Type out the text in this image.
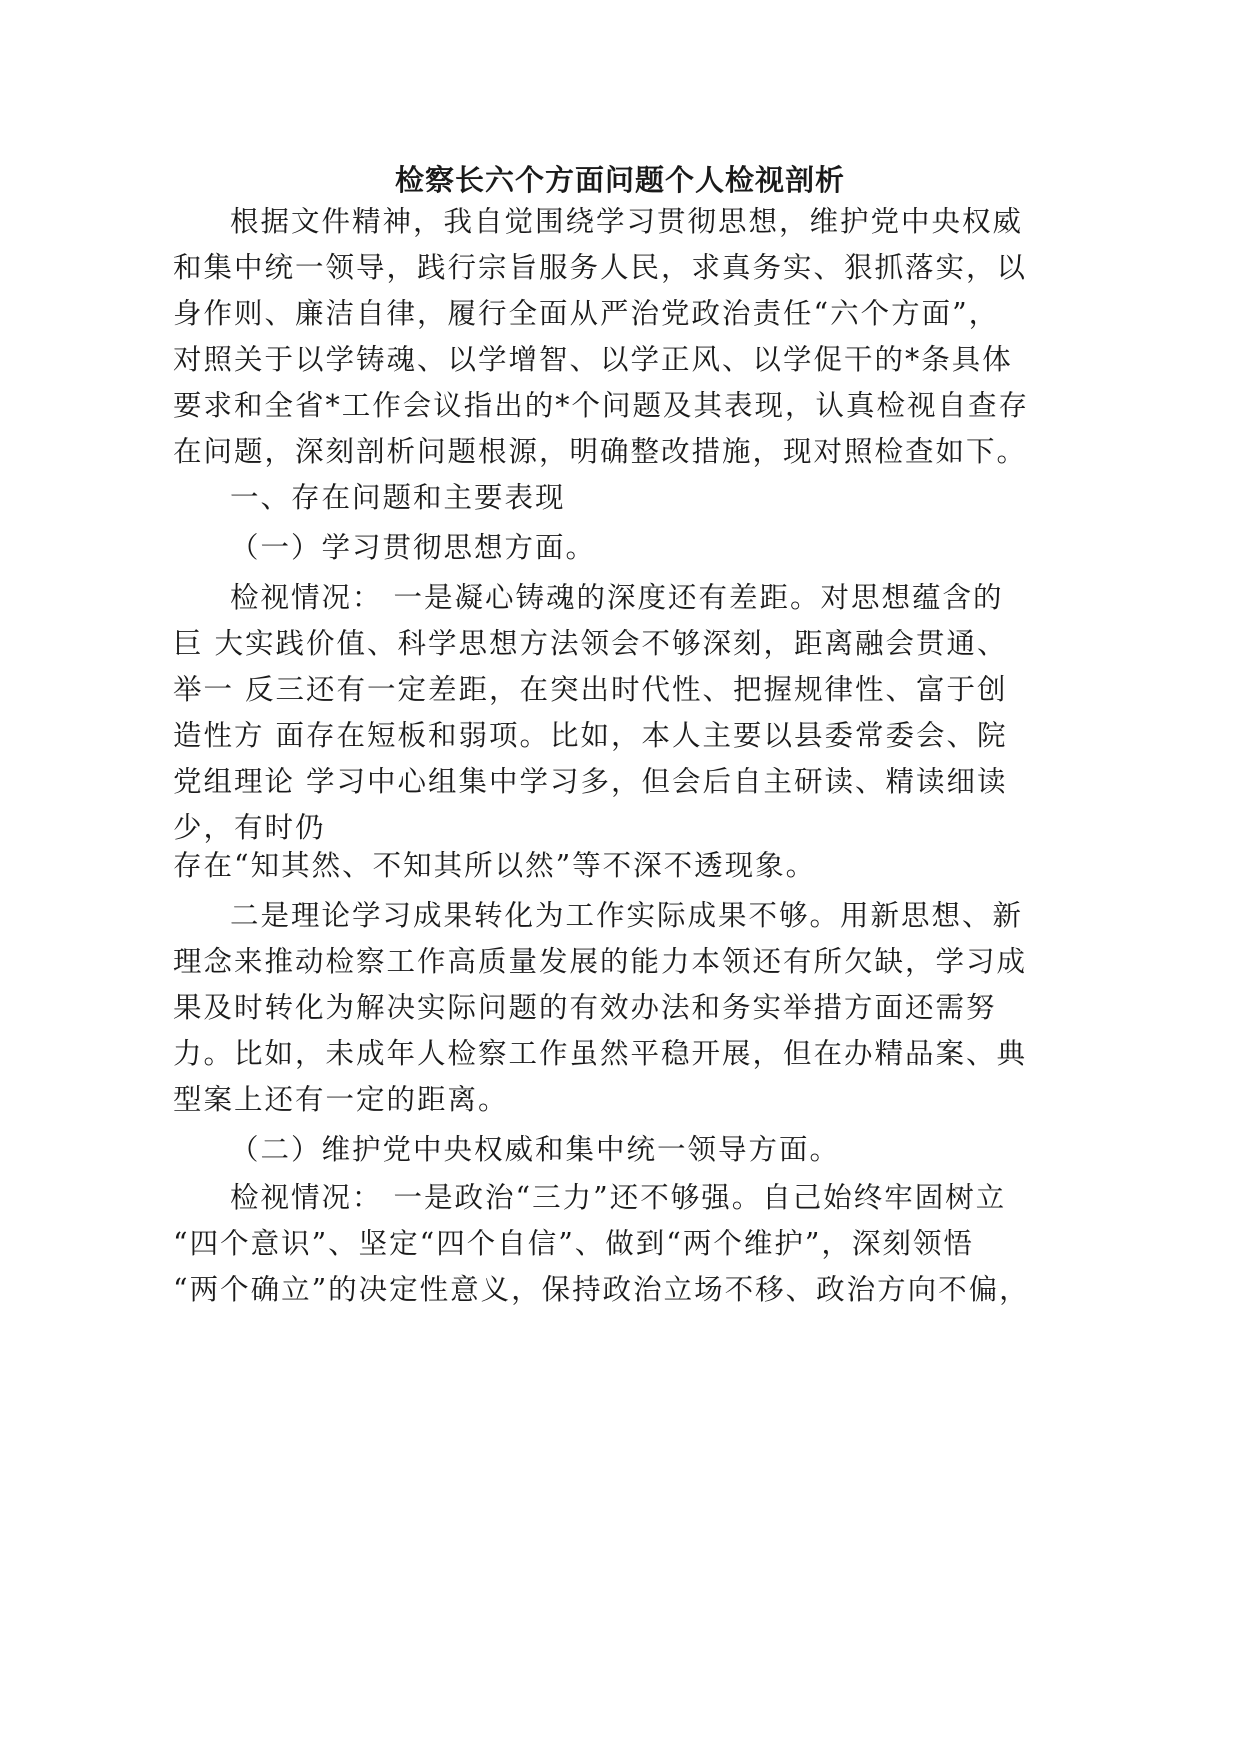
检察长六个方面问题个人检视剖析
根据文件精神，我自觉围绕学习贯彻思想，维护党中央权威
和集中统一领导，践行宗旨服务人民，求真务实、狠抓落实，以
身作则、廉洁自律，履行全面从严治党政治责任“六个方面”，
对照关于以学铸魂、以学增智、以学正风、以学促干的*条具体
要求和全省*工作会议指出的*个问题及其表现，认真检视自查存
在问题，深刻剖析问题根源，明确整改措施，现对照检查如下。
一、存在问题和主要表现
（一）学习贯彻思想方面。
检视情况： 一是凝心铸魂的深度还有差距。对思想蕴含的
巨 大实践价值、科学思想方法领会不够深刻，距离融会贯通、
举一 反三还有一定差距，在突出时代性、把握规律性、富于创
造性方 面存在短板和弱项。比如，本人主要以县委常委会、院
党组理论 学习中心组集中学习多，但会后自主研读、精读细读
少，有时仍
存在“知其然、不知其所以然”等不深不透现象。
二是理论学习成果转化为工作实际成果不够。用新思想、新
理念来推动检察工作高质量发展的能力本领还有所欠缺，学习成
果及时转化为解决实际问题的有效办法和务实举措方面还需努
力。比如，未成年人检察工作虽然平稳开展，但在办精品案、典
型案上还有一定的距离。
（二）维护党中央权威和集中统一领导方面。
检视情况： 一是政治“三力”还不够强。自己始终牢固树立
“四个意识”、坚定“四个自信”、做到“两个维护”，深刻领悟
“两个确立”的决定性意义，保持政治立场不移、政治方向不偏，
